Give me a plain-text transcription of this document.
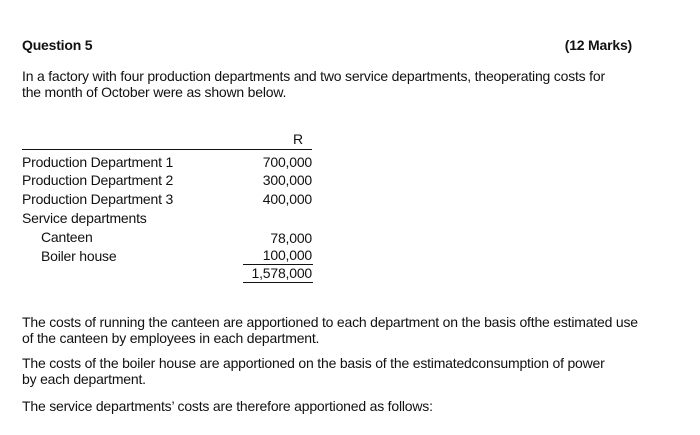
Question 5	(12 Marks)
In a factory with four production departments and two service departments, theoperating costs for
the month of October were as shown below.
R
Production Department 1	700,000
Production Department 2	300,000
Production Department 3	400,000
Service departments
Canteen	78,000
Boiler house	100,000
1,578,000
The costs of running the canteen are apportioned to each department on the basis ofthe estimated use
of the canteen by employees in each department.
The costs of the boiler house are apportioned on the basis of the estimatedconsumption of power
by each department.
The service departments’ costs are therefore apportioned as follows:
